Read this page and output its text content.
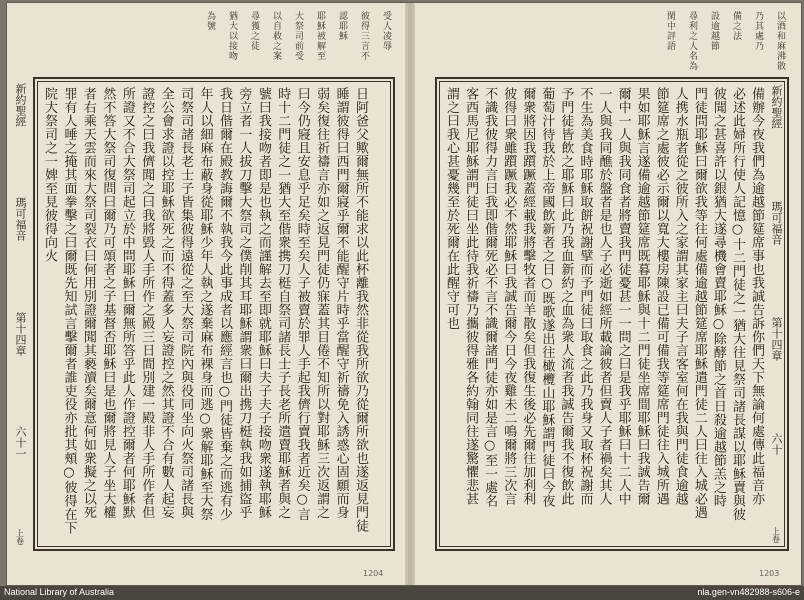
受人凌辱
彼得三言不
認耶穌
耶穌被解至
大祭司前受
以自救之案
尋獲之徒
猶大以接吻
為號
日阿爸父歟爾無所不能求以此杯離我然非從我所欲乃從爾所欲也遂返見門徒
睡謂彼得曰西門爾寢乎爾不能醒守片時乎當醒守祈禱免入誘惑心固願而身
弱矣復往祈禱言亦如之返見門徒仍寐蓋其目倦不知所以對耶穌三次返謂之
曰今仍寢且安息乎足矣時至矣人子被賣於罪人手起我儕行賣我者近矣○言
時十二門徒之一猶大至偕衆携刀梃自祭司諸長士子長老所遣賣耶穌者與之
號曰我接吻者即是也執之而謹解去至即就耶穌曰夫子夫子接吻衆遂執耶穌
旁立者一人拔刀擊大祭司之僕削其耳耶穌謂衆曰爾出携刀梃執我如捕盜乎
我日偕爾在殿教誨爾不執我今此事成者以應經言也○門徒皆棄之而逃有少
年人以細麻布蔽身從耶穌少年人執之遂棄麻布裸身而逃○衆解耶穌至大祭
司祭司諸長老士子皆集彼得遠從之至大祭司院內與役同坐向火祭司諸長與
全公會求證以控耶穌欲死之而不得蓋多人妄證控之然其證不合有數人起妄
證控之曰我儕聞之曰我將毀人手所作之殿三日間別建一殿非人手所作者但
所證又不合大祭司起立於中問耶穌曰爾無所答乎此人作證控爾者何耶穌默
然不答大祭司復問曰爾乃可頌者之子基督否耶穌曰是也爾將見人子坐大權
者右乘天雲而來大祭司裂衣曰何用別證爾聞其褻瀆矣爾意何如衆擬之以死
罪有人唾之掩其面拳擊之曰爾既先知試言擊爾者誰吏役亦批其頰○彼得在下
院大祭司之一婢至見彼得向火
新約聖經
瑪可福音
第十四章
六十一
上卷
以酒和麻沸散
乃其處乃
備之法
設逾越節
尋利之人名為
閑中評語
備辦今夜我們為逾越節筵席事也我誠告訴你們天下無論何處傳此福音亦
必述此婦所行使人記憶○十二門徒之一猶大往見祭司諸長謀以耶穌賣與彼
彼聞之甚喜許以銀猶大遂尋機會賣耶穌○除酵節之首日殺逾越節羔之時
門徒問耶穌曰爾欲我等往何處備逾越節筵席耶穌遣門徒二人曰往入城必遇
人携水瓶者從之彼所入之家謂其家主曰夫子言客室何在我與門徒食逾越
節筵席之處彼必示爾以寬大樓房陳設已備可備我等筵席門徒往入城所遇
果如耶穌言遂備逾越節筵席既暮耶穌與十二門徒坐席間耶穌曰我誠告爾
爾中一人與我同食者將賣我門徒憂甚一一問之曰是我乎耶穌曰十二人中
一人與我同醮於盤者是也人子必逝如經所載論彼者但賣人子者禍矣其人
不生為美食時耶穌取餅祝謝擘而予門徒曰取食之此乃我身又取杯祝謝而
予門徒皆飲之耶穌曰此乃我血新約之血為衆人流者我誠告爾我不復飲此
葡萄汁待我於上帝國飲新者之日○既歌遂出往橄欖山耶穌謂門徒曰今夜
爾衆將因我躓蹶蓋經載我將擊牧者而羊散矣但我復生後必先爾往加利利
彼得曰衆雖躓蹶我必不然耶穌曰我誠告爾今日今夜雞未二鳴爾將三次言
不識我彼得力言曰我即偕爾死必不言不識爾諸門徒亦如是言○至一處名
客西馬尼耶穌謂門徒曰坐此待我祈禱乃攜彼得雅各約翰同往遂驚懼悲甚
謂之曰我心甚憂幾至於死爾在此醒守可也	新約聖經
瑪可福音
第十四章
六十
上卷
1204	1203
National Library of Australia	nla.gen-vn482988-s606-e
